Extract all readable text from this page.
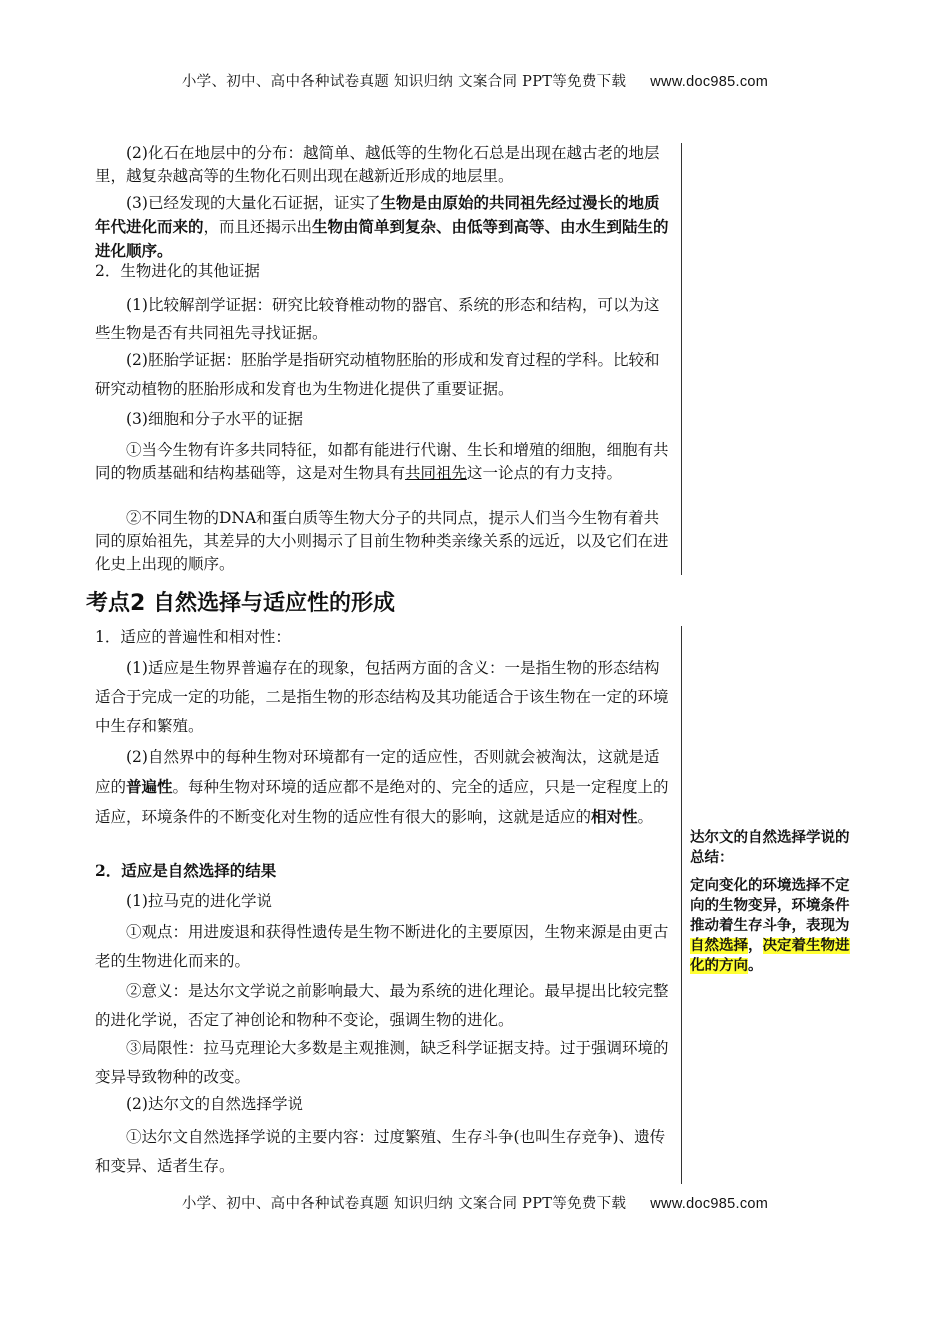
小学、初中、高中各种试卷真题 知识归纳 文案合同 PPT等免费下载 www.doc985.com

(2)化石在地层中的分布：越简单、越低等的生物化石总是出现在越古老的地层里，越复杂越高等的生物化石则出现在越新近形成的地层里。

(3)已经发现的大量化石证据，证实了生物是由原始的共同祖先经过漫长的地质年代进化而来的，而且还揭示出生物由简单到复杂、由低等到高等、由水生到陆生的进化顺序。

2．生物进化的其他证据

(1)比较解剖学证据：研究比较脊椎动物的器官、系统的形态和结构，可以为这些生物是否有共同祖先寻找证据。

(2)胚胎学证据：胚胎学是指研究动植物胚胎的形成和发育过程的学科。比较和研究动植物的胚胎形成和发育也为生物进化提供了重要证据。

(3)细胞和分子水平的证据

①当今生物有许多共同特征，如都有能进行代谢、生长和增殖的细胞，细胞有共同的物质基础和结构基础等，这是对生物具有共同祖先这一论点的有力支持。

②不同生物的DNA和蛋白质等生物大分子的共同点，提示人们当今生物有着共同的原始祖先，其差异的大小则揭示了目前生物种类亲缘关系的远近，以及它们在进化史上出现的顺序。

考点2 自然选择与适应性的形成

1．适应的普遍性和相对性：

(1)适应是生物界普遍存在的现象，包括两方面的含义：一是指生物的形态结构适合于完成一定的功能，二是指生物的形态结构及其功能适合于该生物在一定的环境中生存和繁殖。

(2)自然界中的每种生物对环境都有一定的适应性，否则就会被淘汰，这就是适应的普遍性。每种生物对环境的适应都不是绝对的、完全的适应，只是一定程度上的适应，环境条件的不断变化对生物的适应性有很大的影响，这就是适应的相对性。

2．适应是自然选择的结果

(1)拉马克的进化学说

①观点：用进废退和获得性遗传是生物不断进化的主要原因，生物来源是由更古老的生物进化而来的。

②意义：是达尔文学说之前影响最大、最为系统的进化理论。最早提出比较完整的进化学说，否定了神创论和物种不变论，强调生物的进化。

③局限性：拉马克理论大多数是主观推测，缺乏科学证据支持。过于强调环境的变异导致物种的改变。

(2)达尔文的自然选择学说

①达尔文自然选择学说的主要内容：过度繁殖、生存斗争(也叫生存竞争)、遗传和变异、适者生存。

达尔文的自然选择学说的总结：

定向变化的环境选择不定向的生物变异，环境条件推动着生存斗争，表现为自然选择，决定着生物进化的方向。

小学、初中、高中各种试卷真题 知识归纳 文案合同 PPT等免费下载 www.doc985.com
